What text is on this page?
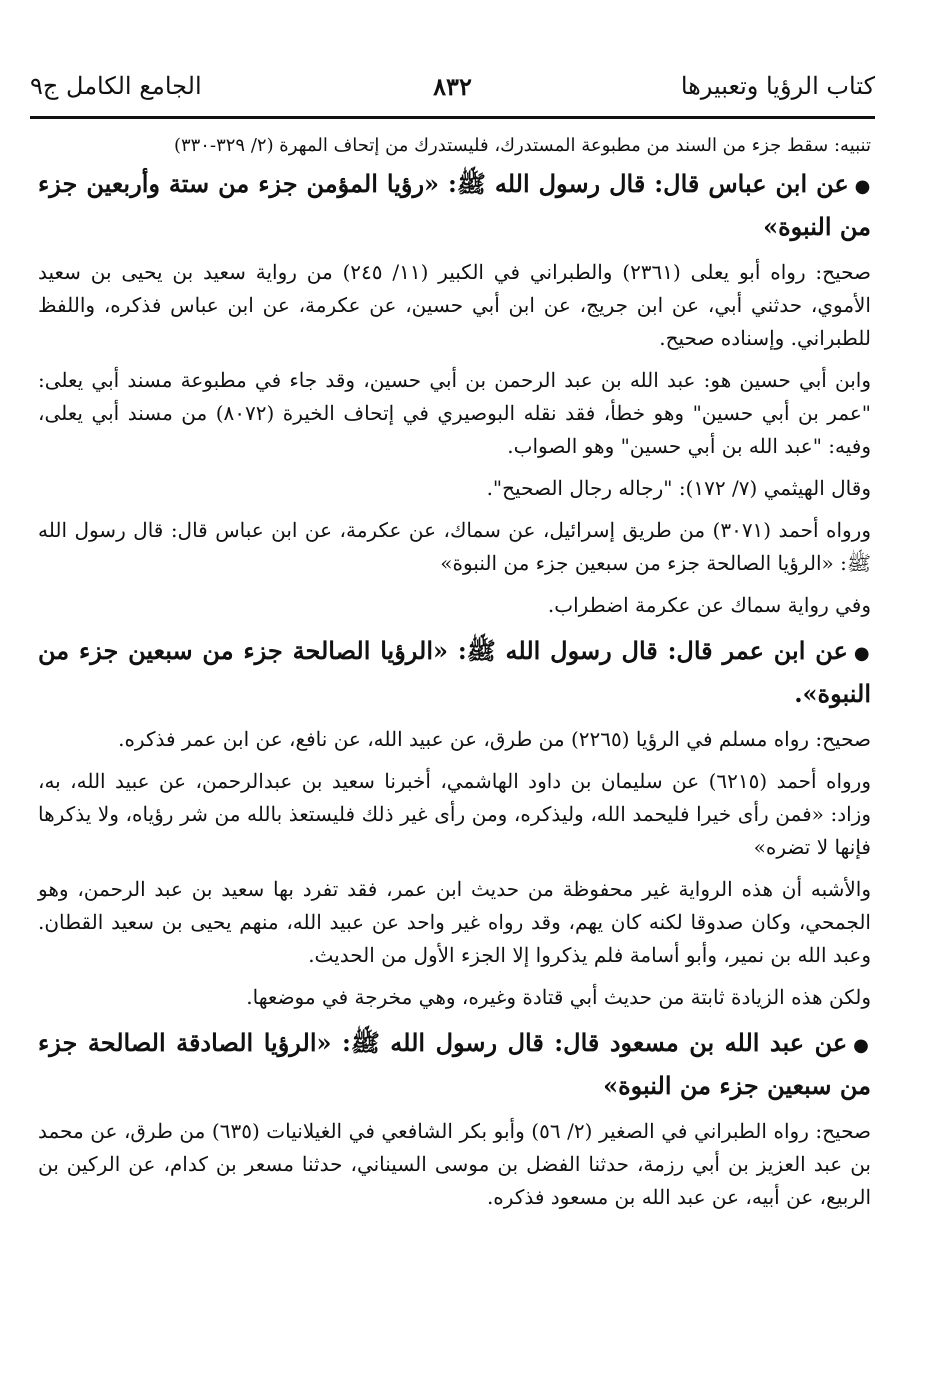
كتاب الرؤيا وتعبيرها
٨٣٢
الجامع الكامل ج٩

تنبيه: سقط جزء من السند من مطبوعة المستدرك، فليستدرك من إتحاف المهرة (٢/ ٣٢٩-٣٣٠)

●عن ابن عباس قال: قال رسول الله ﷺ: «رؤيا المؤمن جزء من ستة وأربعين جزء من النبوة»

صحيح: رواه أبو يعلى (٢٣٦١) والطبراني في الكبير (١١/ ٢٤٥) من رواية سعيد بن يحيى بن سعيد الأموي، حدثني أبي، عن ابن جريج، عن ابن أبي حسين، عن عكرمة، عن ابن عباس فذكره، واللفظ للطبراني. وإسناده صحيح.

وابن أبي حسين هو: عبد الله بن عبد الرحمن بن أبي حسين، وقد جاء في مطبوعة مسند أبي يعلى: "عمر بن أبي حسين" وهو خطأ، فقد نقله البوصيري في إتحاف الخيرة (٨٠٧٢) من مسند أبي يعلى، وفيه: "عبد الله بن أبي حسين" وهو الصواب.

وقال الهيثمي (٧/ ١٧٢): "رجاله رجال الصحيح".

ورواه أحمد (٣٠٧١) من طريق إسرائيل، عن سماك، عن عكرمة، عن ابن عباس قال: قال رسول الله ﷺ: «الرؤيا الصالحة جزء من سبعين جزء من النبوة»

وفي رواية سماك عن عكرمة اضطراب.

●عن ابن عمر قال: قال رسول الله ﷺ: «الرؤيا الصالحة جزء من سبعين جزء من النبوة».

صحيح: رواه مسلم في الرؤيا (٢٢٦٥) من طرق، عن عبيد الله، عن نافع، عن ابن عمر فذكره.

ورواه أحمد (٦٢١٥) عن سليمان بن داود الهاشمي، أخبرنا سعيد بن عبدالرحمن، عن عبيد الله، به، وزاد: «فمن رأى خيرا فليحمد الله، وليذكره، ومن رأى غير ذلك فليستعذ بالله من شر رؤياه، ولا يذكرها فإنها لا تضره»

والأشبه أن هذه الرواية غير محفوظة من حديث ابن عمر، فقد تفرد بها سعيد بن عبد الرحمن، وهو الجمحي، وكان صدوقا لكنه كان يهم، وقد رواه غير واحد عن عبيد الله، منهم يحيى بن سعيد القطان. وعبد الله بن نمير، وأبو أسامة فلم يذكروا إلا الجزء الأول من الحديث.

ولكن هذه الزيادة ثابتة من حديث أبي قتادة وغيره، وهي مخرجة في موضعها.

●عن عبد الله بن مسعود قال: قال رسول الله ﷺ: «الرؤيا الصادقة الصالحة جزء من سبعين جزء من النبوة»

صحيح: رواه الطبراني في الصغير (٢/ ٥٦) وأبو بكر الشافعي في الغيلانيات (٦٣٥) من طرق، عن محمد بن عبد العزيز بن أبي رزمة، حدثنا الفضل بن موسى السيناني، حدثنا مسعر بن كدام، عن الركين بن الربيع، عن أبيه، عن عبد الله بن مسعود فذكره.
